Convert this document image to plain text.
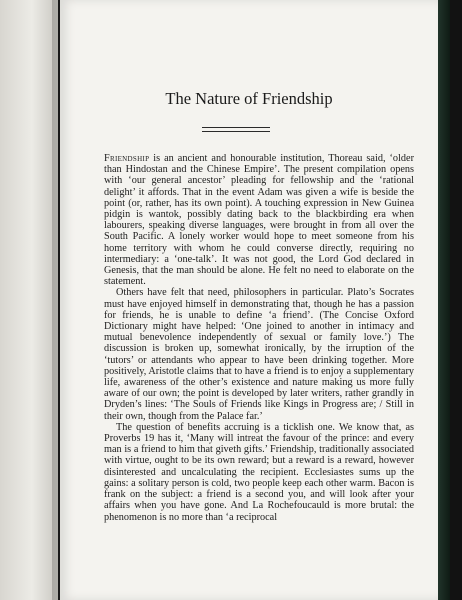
The Nature of Friendship

Friendship is an ancient and honourable institution, Thoreau said, ‘older than Hindostan and the Chinese Empire’. The present compilation opens with ‘our general ancestor’ pleading for fellowship and the ‘rational delight’ it affords. That in the event Adam was given a wife is beside the point (or, rather, has its own point). A touching expression in New Guinea pidgin is wantok, possibly dating back to the blackbirding era when labourers, speaking diverse languages, were brought in from all over the South Pacific. A lonely worker would hope to meet someone from his home territory with whom he could converse directly, requiring no intermediary: a ‘one-talk’. It was not good, the Lord God declared in Genesis, that the man should be alone. He felt no need to elaborate on the statement.

Others have felt that need, philosophers in particular. Plato’s Socrates must have enjoyed himself in demonstrating that, though he has a passion for friends, he is unable to define ‘a friend’. (The Concise Oxford Dictionary might have helped: ‘One joined to another in intimacy and mutual benevolence independently of sexual or family love.’) The discussion is broken up, somewhat ironically, by the irruption of the ‘tutors’ or attendants who appear to have been drinking together. More positively, Aristotle claims that to have a friend is to enjoy a supplementary life, awareness of the other’s existence and nature making us more fully aware of our own; the point is developed by later writers, rather grandly in Dryden’s lines: ‘The Souls of Friends like Kings in Progress are; / Still in their own, though from the Palace far.’

The question of benefits accruing is a ticklish one. We know that, as Proverbs 19 has it, ‘Many will intreat the favour of the prince: and every man is a friend to him that giveth gifts.’ Friendship, traditionally associated with virtue, ought to be its own reward; but a reward is a reward, however disinterested and uncalculating the recipient. Ecclesiastes sums up the gains: a solitary person is cold, two people keep each other warm. Bacon is frank on the subject: a friend is a second you, and will look after your affairs when you have gone. And La Rochefoucauld is more brutal: the phenomenon is no more than ‘a reciprocal
